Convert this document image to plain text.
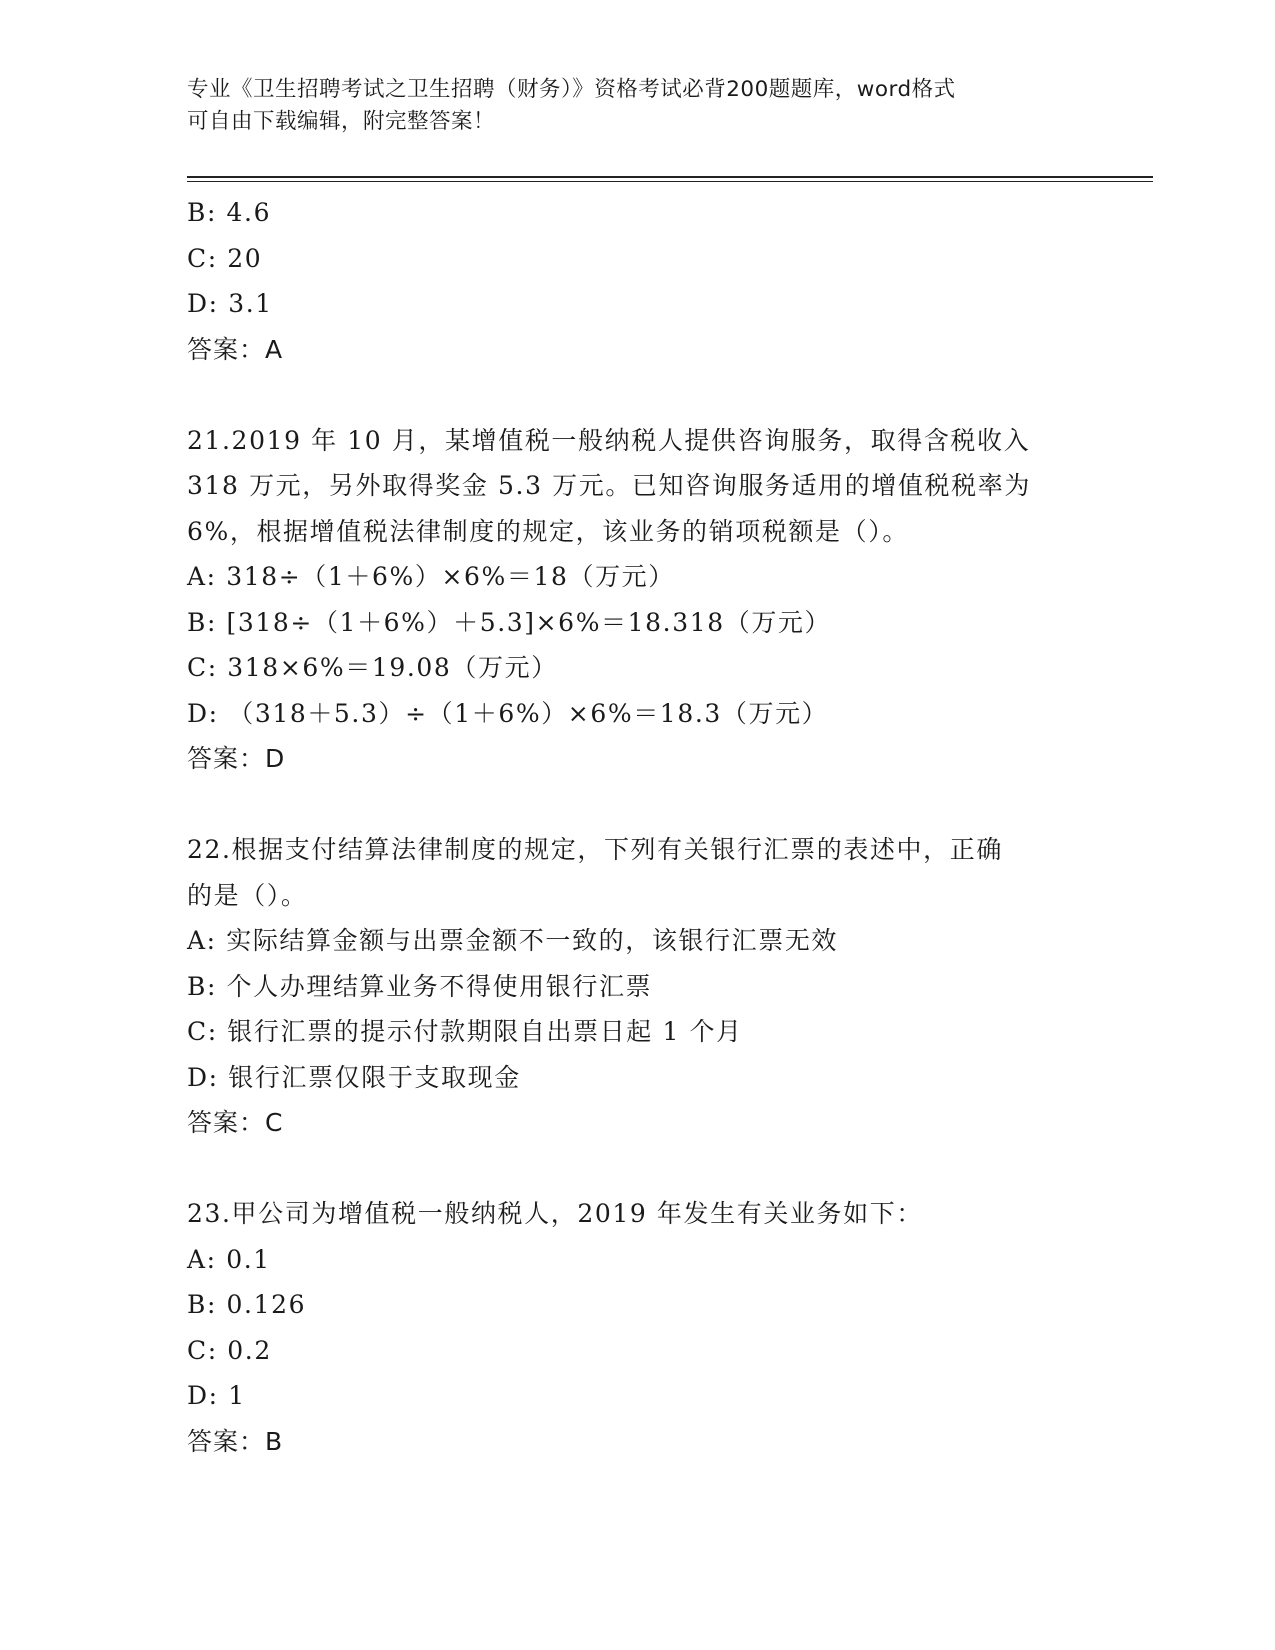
专业《卫生招聘考试之卫生招聘（财务）》资格考试必背200题题库，word格式
可自由下载编辑，附完整答案！
B: 4.6
C: 20
D: 3.1
答案：A
21.2019 年 10 月，某增值税一般纳税人提供咨询服务，取得含税收入
318 万元，另外取得奖金 5.3 万元。已知咨询服务适用的增值税税率为
6%，根据增值税法律制度的规定，该业务的销项税额是（）。
A: 318÷（1＋6%）×6%＝18（万元）
B: [318÷（1＋6%）＋5.3]×6%＝18.318（万元）
C: 318×6%＝19.08（万元）
D: （318＋5.3）÷（1＋6%）×6%＝18.3（万元）
答案：D
22.根据支付结算法律制度的规定，下列有关银行汇票的表述中，正确
的是（）。
A: 实际结算金额与出票金额不一致的，该银行汇票无效
B: 个人办理结算业务不得使用银行汇票
C: 银行汇票的提示付款期限自出票日起 1 个月
D: 银行汇票仅限于支取现金
答案：C
23.甲公司为增值税一般纳税人，2019 年发生有关业务如下：
A: 0.1
B: 0.126
C: 0.2
D: 1
答案：B
